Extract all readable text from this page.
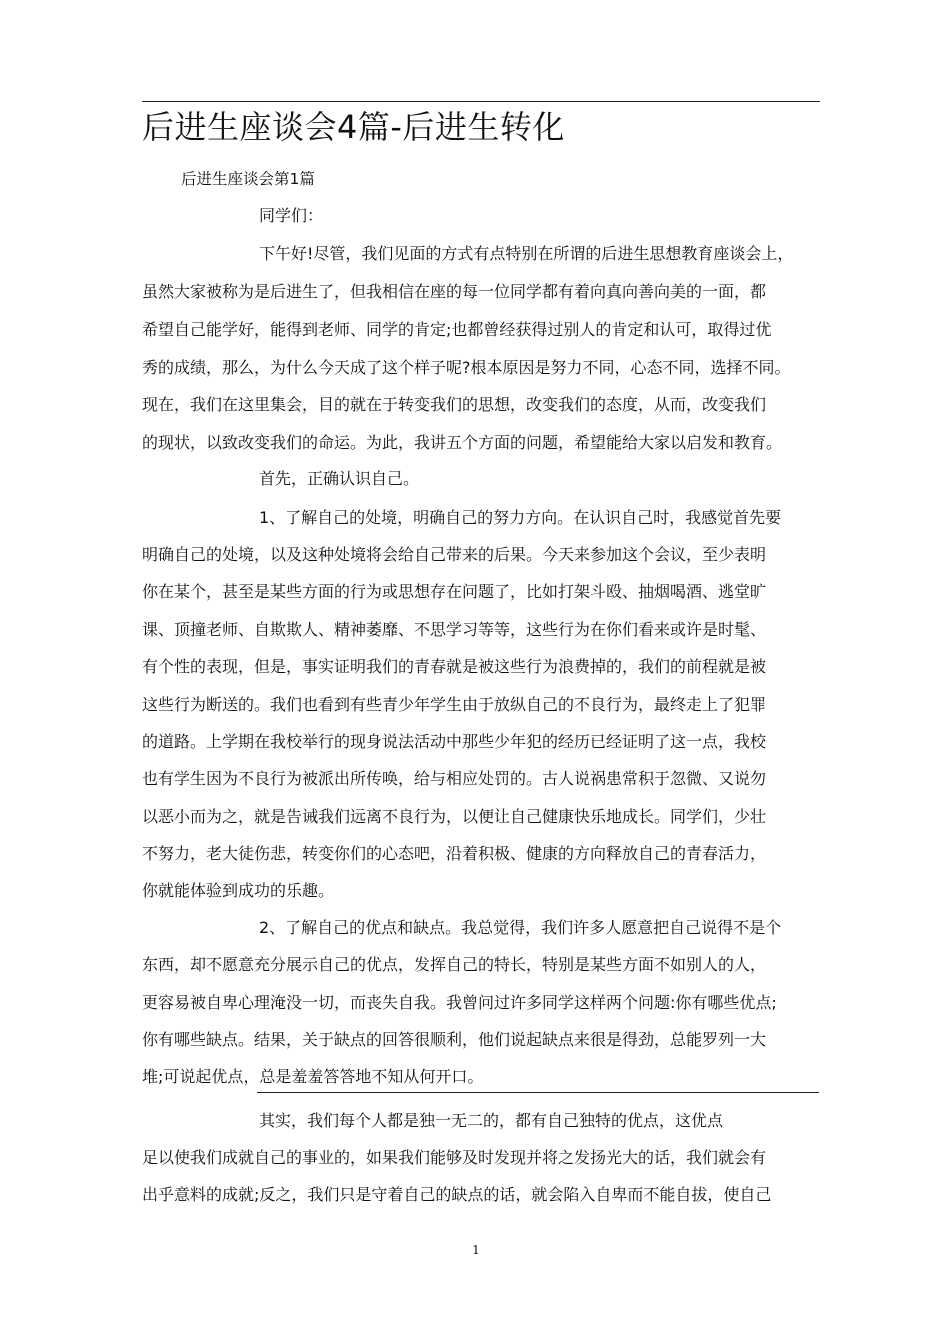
后进生座谈会4篇-后进生转化
后进生座谈会第1篇
同学们：
下午好!尽管，我们见面的方式有点特别在所谓的后进生思想教育座谈会上，
虽然大家被称为是后进生了，但我相信在座的每一位同学都有着向真向善向美的一面，都
希望自己能学好，能得到老师、同学的肯定;也都曾经获得过别人的肯定和认可，取得过优
秀的成绩，那么，为什么今天成了这个样子呢?根本原因是努力不同，心态不同，选择不同。
现在，我们在这里集会，目的就在于转变我们的思想，改变我们的态度，从而，改变我们
的现状，以致改变我们的命运。为此，我讲五个方面的问题，希望能给大家以启发和教育。
首先，正确认识自己。
1、了解自己的处境，明确自己的努力方向。在认识自己时，我感觉首先要
明确自己的处境，以及这种处境将会给自己带来的后果。今天来参加这个会议，至少表明
你在某个，甚至是某些方面的行为或思想存在问题了，比如打架斗殴、抽烟喝酒、逃堂旷
课、顶撞老师、自欺欺人、精神萎靡、不思学习等等，这些行为在你们看来或许是时髦、
有个性的表现，但是，事实证明我们的青春就是被这些行为浪费掉的，我们的前程就是被
这些行为断送的。我们也看到有些青少年学生由于放纵自己的不良行为，最终走上了犯罪
的道路。上学期在我校举行的现身说法活动中那些少年犯的经历已经证明了这一点，我校
也有学生因为不良行为被派出所传唤，给与相应处罚的。古人说祸患常积于忽微、又说勿
以恶小而为之，就是告诫我们远离不良行为，以便让自己健康快乐地成长。同学们，少壮
不努力，老大徒伤悲，转变你们的心态吧，沿着积极、健康的方向释放自己的青春活力，
你就能体验到成功的乐趣。
2、了解自己的优点和缺点。我总觉得，我们许多人愿意把自己说得不是个
东西，却不愿意充分展示自己的优点，发挥自己的特长，特别是某些方面不如别人的人，
更容易被自卑心理淹没一切，而丧失自我。我曾问过许多同学这样两个问题:你有哪些优点;
你有哪些缺点。结果，关于缺点的回答很顺利，他们说起缺点来很是得劲，总能罗列一大
堆;可说起优点，总是羞羞答答地不知从何开口。
其实，我们每个人都是独一无二的，都有自己独特的优点，这优点
足以使我们成就自己的事业的，如果我们能够及时发现并将之发扬光大的话，我们就会有
出乎意料的成就;反之，我们只是守着自己的缺点的话，就会陷入自卑而不能自拔，使自己
1
